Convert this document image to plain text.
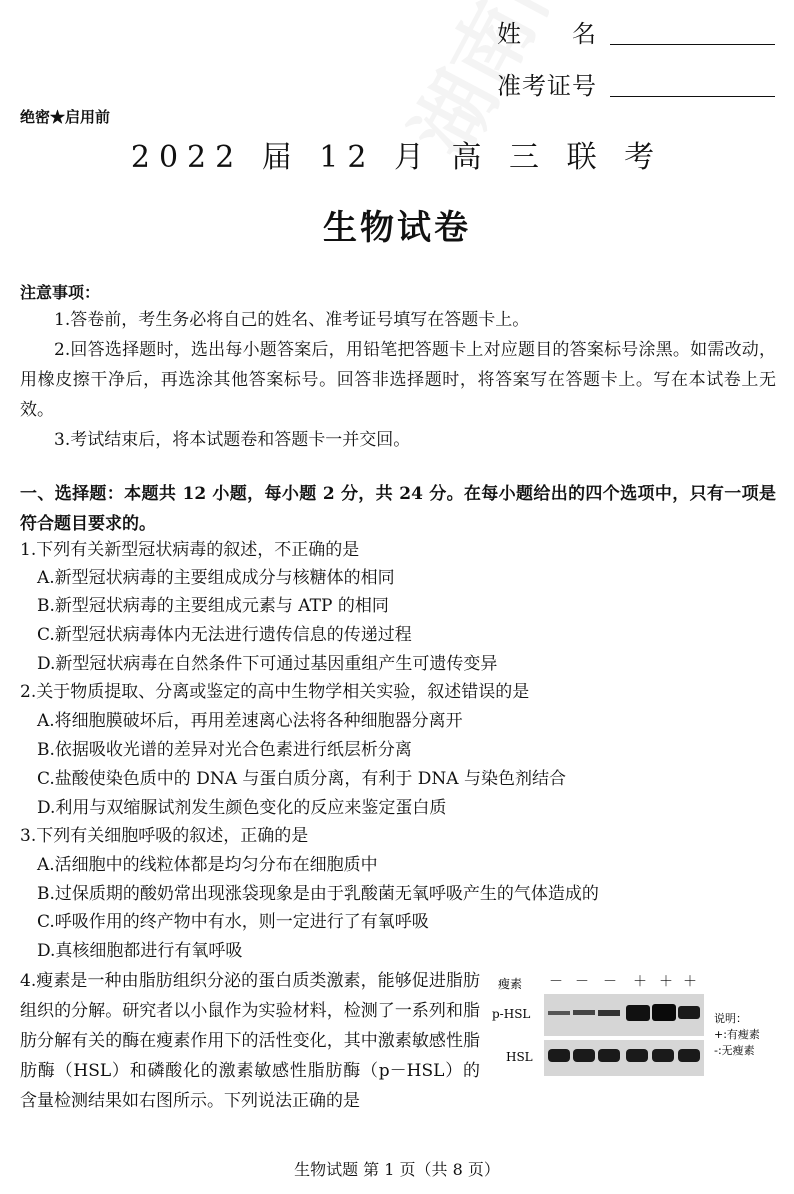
姓　　名
准考证号
绝密★启用前
2022 届 12 月 高 三 联 考
生物试卷
注意事项：
1.答卷前，考生务必将自己的姓名、准考证号填写在答题卡上。
2.回答选择题时，选出每小题答案后，用铅笔把答题卡上对应题目的答案标号涂黑。如需改动，用橡皮擦干净后，再选涂其他答案标号。回答非选择题时，将答案写在答题卡上。写在本试卷上无效。
3.考试结束后，将本试题卷和答题卡一并交回。
一、选择题：本题共 12 小题，每小题 2 分，共 24 分。在每小题给出的四个选项中，只有一项是符合题目要求的。
1.下列有关新型冠状病毒的叙述，不正确的是
A.新型冠状病毒的主要组成成分与核糖体的相同
B.新型冠状病毒的主要组成元素与 ATP 的相同
C.新型冠状病毒体内无法进行遗传信息的传递过程
D.新型冠状病毒在自然条件下可通过基因重组产生可遗传变异
2.关于物质提取、分离或鉴定的高中生物学相关实验，叙述错误的是
A.将细胞膜破坏后，再用差速离心法将各种细胞器分离开
B.依据吸收光谱的差异对光合色素进行纸层析分离
C.盐酸使染色质中的 DNA 与蛋白质分离，有利于 DNA 与染色剂结合
D.利用与双缩脲试剂发生颜色变化的反应来鉴定蛋白质
3.下列有关细胞呼吸的叙述，正确的是
A.活细胞中的线粒体都是均匀分布在细胞质中
B.过保质期的酸奶常出现涨袋现象是由于乳酸菌无氧呼吸产生的气体造成的
C.呼吸作用的终产物中有水，则一定进行了有氧呼吸
D.真核细胞都进行有氧呼吸
4.瘦素是一种由脂肪组织分泌的蛋白质类激素，能够促进脂肪组织的分解。研究者以小鼠作为实验材料，检测了一系列和脂肪分解有关的酶在瘦素作用下的活性变化，其中激素敏感性脂肪酶（HSL）和磷酸化的激素敏感性脂肪酶（p－HSL）的含量检测结果如右图所示。下列说法正确的是
瘦素 － － － ＋ ＋ ＋
p-HSL
HSL
说明：
+:有瘦素
-:无瘦素
生物试题 第 1 页（共 8 页）
